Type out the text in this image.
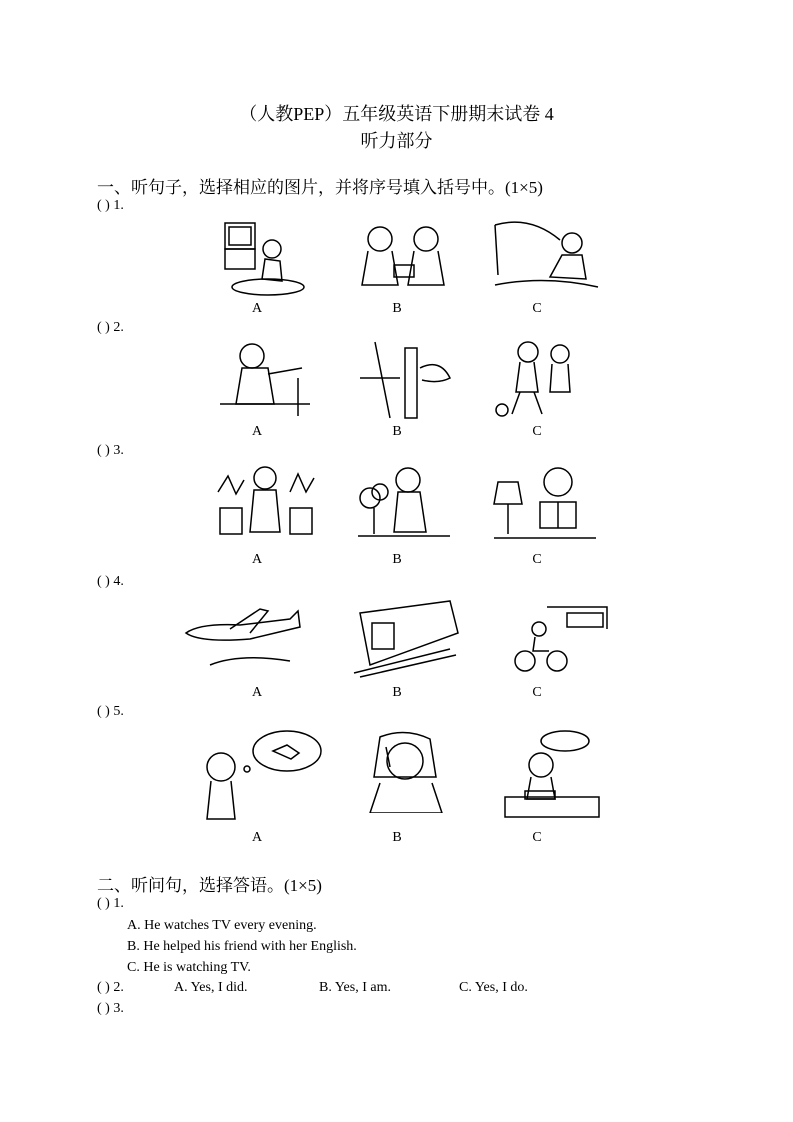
（人教PEP）五年级英语下册期末试卷 4
听力部分
一、听句子，选择相应的图片，并将序号填入括号中。(1×5)
( ) 1.
A	B	C
( ) 2.
A	B	C
( ) 3.
A	B	C
( ) 4.
A	B	C
( ) 5.
A	B	C
二、听问句，选择答语。(1×5)
( ) 1.
A. He watches TV every evening.
B. He helped his friend with her English.
C. He is watching TV.
( ) 2.	A. Yes, I did.	B. Yes, I am.	C. Yes, I do.
( ) 3.
